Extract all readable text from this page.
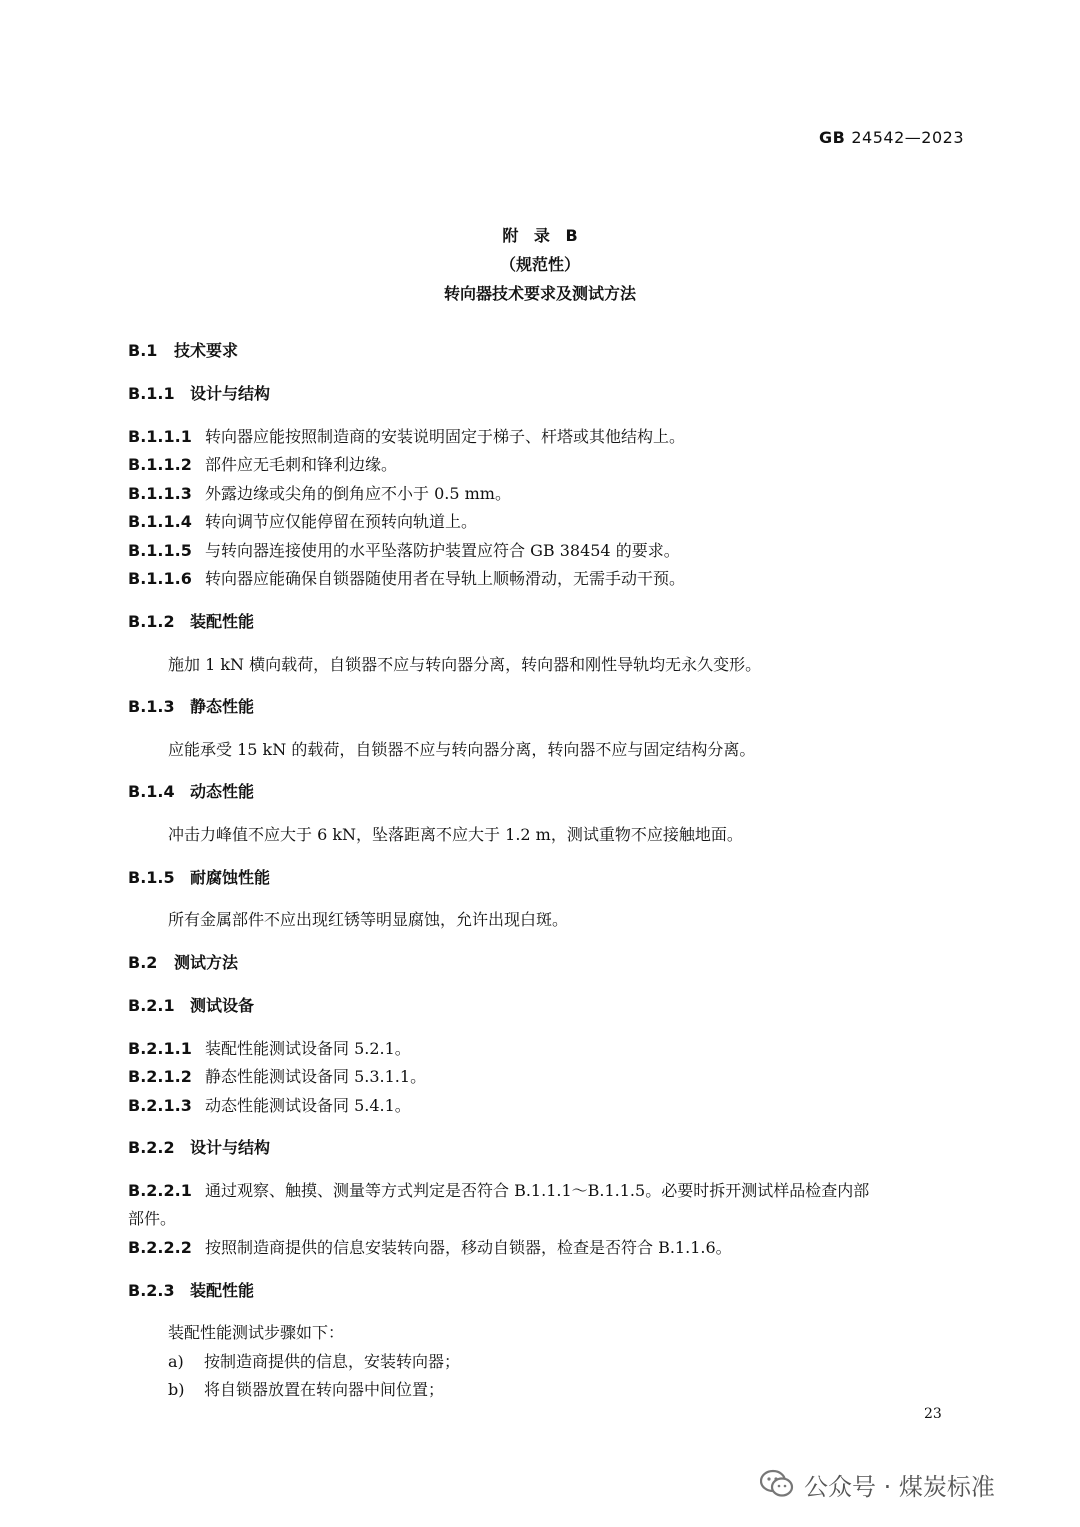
GB 24542—2023
附 录 B
（规范性）
转向器技术要求及测试方法
B.1 技术要求
B.1.1 设计与结构
B.1.1.1 转向器应能按照制造商的安装说明固定于梯子、杆塔或其他结构上。
B.1.1.2 部件应无毛刺和锋利边缘。
B.1.1.3 外露边缘或尖角的倒角应不小于 0.5 mm。
B.1.1.4 转向调节应仅能停留在预转向轨道上。
B.1.1.5 与转向器连接使用的水平坠落防护装置应符合 GB 38454 的要求。
B.1.1.6 转向器应能确保自锁器随使用者在导轨上顺畅滑动，无需手动干预。
B.1.2 装配性能
施加 1 kN 横向载荷，自锁器不应与转向器分离，转向器和刚性导轨均无永久变形。
B.1.3 静态性能
应能承受 15 kN 的载荷，自锁器不应与转向器分离，转向器不应与固定结构分离。
B.1.4 动态性能
冲击力峰值不应大于 6 kN，坠落距离不应大于 1.2 m，测试重物不应接触地面。
B.1.5 耐腐蚀性能
所有金属部件不应出现红锈等明显腐蚀，允许出现白斑。
B.2 测试方法
B.2.1 测试设备
B.2.1.1 装配性能测试设备同 5.2.1。
B.2.1.2 静态性能测试设备同 5.3.1.1。
B.2.1.3 动态性能测试设备同 5.4.1。
B.2.2 设计与结构
B.2.2.1 通过观察、触摸、测量等方式判定是否符合 B.1.1.1～B.1.1.5。必要时拆开测试样品检查内部
部件。
B.2.2.2 按照制造商提供的信息安装转向器，移动自锁器，检查是否符合 B.1.1.6。
B.2.3 装配性能
装配性能测试步骤如下：
a) 按制造商提供的信息，安装转向器；
b) 将自锁器放置在转向器中间位置；
23
公众号 · 煤炭标准
